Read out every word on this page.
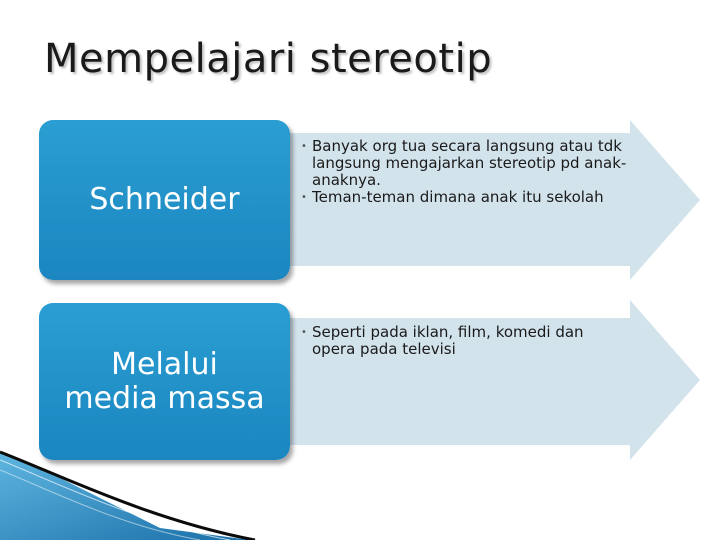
Mempelajari stereotip
Schneider
• Banyak org tua secara langsung atau tdk langsung mengajarkan stereotip pd anak-anaknya.
• Teman-teman dimana anak itu sekolah
Melalui
media massa
• Seperti pada iklan, film, komedi dan opera pada televisi
